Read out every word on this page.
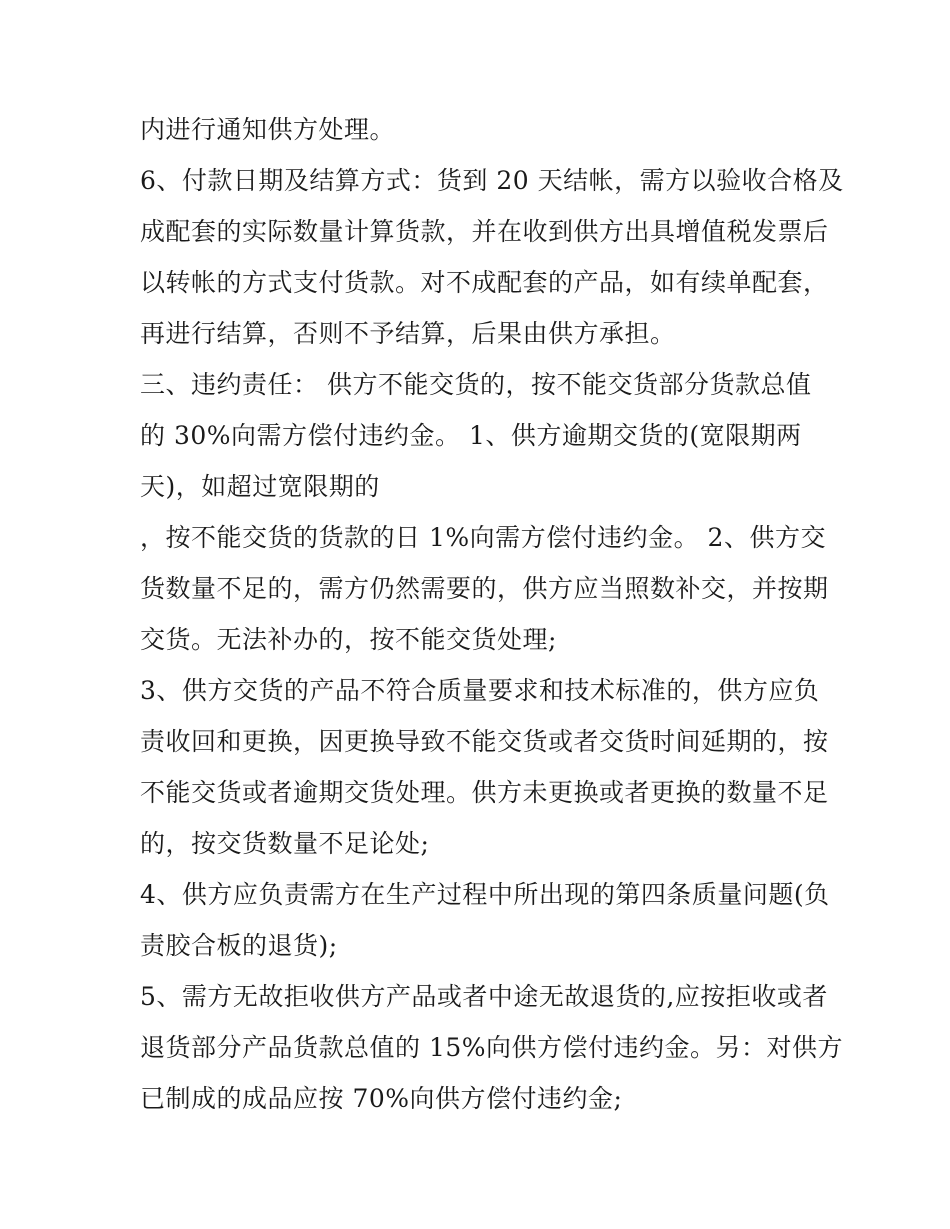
内进行通知供方处理。
6、付款日期及结算方式：货到 20 天结帐，需方以验收合格及
成配套的实际数量计算货款，并在收到供方出具增值税发票后
以转帐的方式支付货款。对不成配套的产品，如有续单配套，
再进行结算，否则不予结算，后果由供方承担。
三、违约责任： 供方不能交货的，按不能交货部分货款总值
的 30%向需方偿付违约金。 1、供方逾期交货的(宽限期两
天)，如超过宽限期的
，按不能交货的货款的日 1%向需方偿付违约金。 2、供方交
货数量不足的，需方仍然需要的，供方应当照数补交，并按期
交货。无法补办的，按不能交货处理;
3、供方交货的产品不符合质量要求和技术标准的，供方应负
责收回和更换，因更换导致不能交货或者交货时间延期的，按
不能交货或者逾期交货处理。供方未更换或者更换的数量不足
的，按交货数量不足论处;
4、供方应负责需方在生产过程中所出现的第四条质量问题(负
责胶合板的退货);
5、需方无故拒收供方产品或者中途无故退货的,应按拒收或者
退货部分产品货款总值的 15%向供方偿付违约金。另：对供方
已制成的成品应按 70%向供方偿付违约金;
